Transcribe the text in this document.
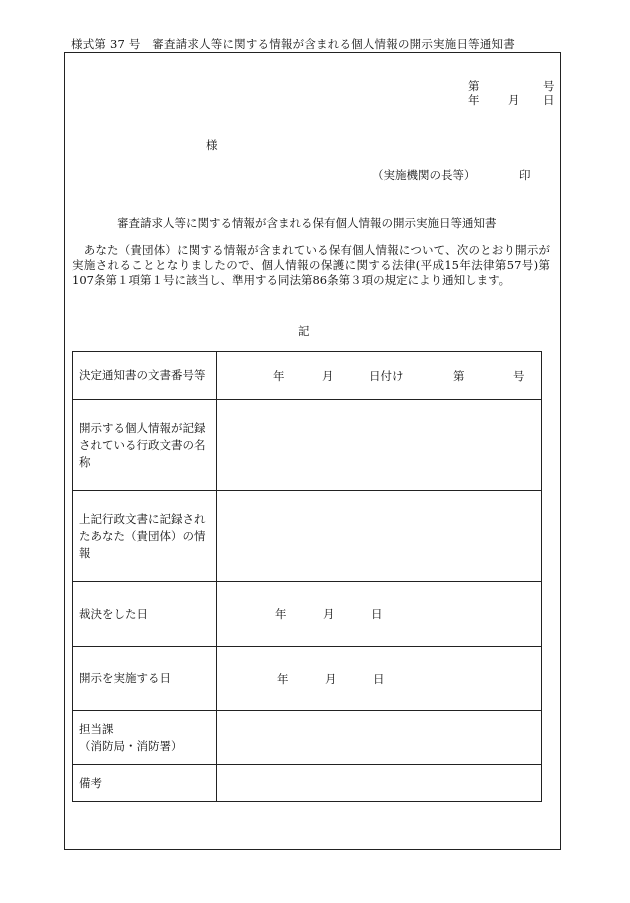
様式第 37 号　審査請求人等に関する情報が含まれる個人情報の開示実施日等通知書
第	号
年 月 日
様
（実施機関の長等）	印
審査請求人等に関する情報が含まれる保有個人情報の開示実施日等通知書
　あなた（貴団体）に関する情報が含まれている保有個人情報について、次のとおり開示が実施されることとなりましたので、個人情報の保護に関する法律(平成15年法律第57号)第107条第１項第１号に該当し、準用する同法第86条第３項の規定により通知します。
記
決定通知書の文書番号等	年 月 日付け 第 号

開示する個人情報が記録されている行政文書の名称	
上記行政文書に記録されたあなた（貴団体）の情報	
裁決をした日	年 月 日

開示を実施する日	年 月 日

担当課
（消防局・消防署）	
備考	
